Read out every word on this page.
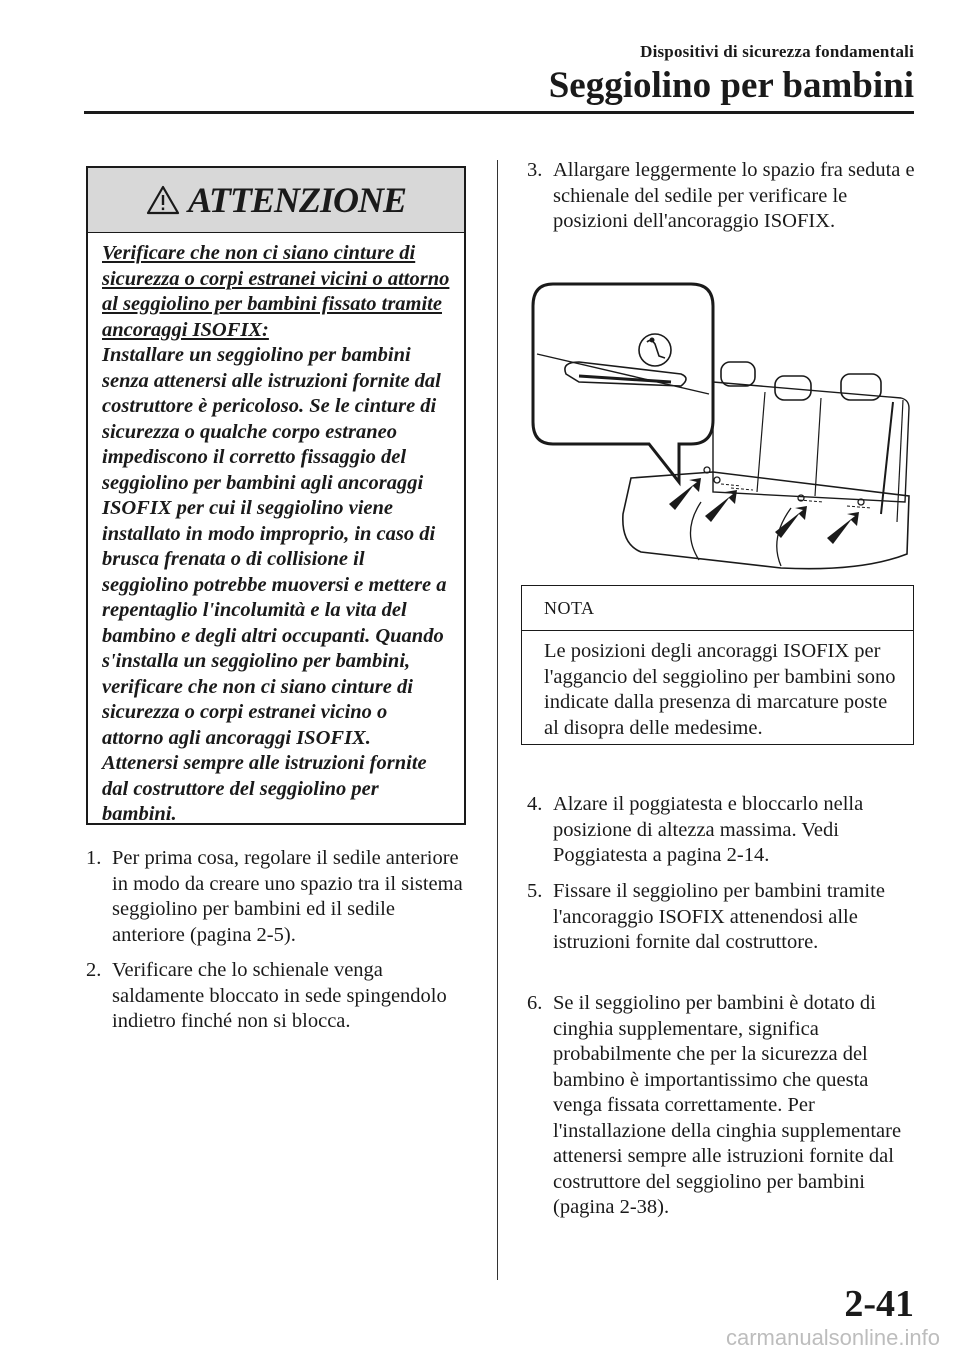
Dispositivi di sicurezza fondamentali
Seggiolino per bambini
ATTENZIONE
Verificare che non ci siano cinture di sicurezza o corpi estranei vicini o attorno al seggiolino per bambini fissato tramite ancoraggi ISOFIX:
Installare un seggiolino per bambini senza attenersi alle istruzioni fornite dal costruttore è pericoloso. Se le cinture di sicurezza o qualche corpo estraneo impediscono il corretto fissaggio del seggiolino per bambini agli ancoraggi ISOFIX per cui il seggiolino viene installato in modo improprio, in caso di brusca frenata o di collisione il seggiolino potrebbe muoversi e mettere a repentaglio l'incolumità e la vita del bambino e degli altri occupanti. Quando s'installa un seggiolino per bambini, verificare che non ci siano cinture di sicurezza o corpi estranei vicino o attorno agli ancoraggi ISOFIX. Attenersi sempre alle istruzioni fornite dal costruttore del seggiolino per bambini.
1. Per prima cosa, regolare il sedile anteriore in modo da creare uno spazio tra il sistema seggiolino per bambini ed il sedile anteriore (pagina 2-5).
2. Verificare che lo schienale venga saldamente bloccato in sede spingendolo indietro finché non si blocca.
3. Allargare leggermente lo spazio fra seduta e schienale del sedile per verificare le posizioni dell'ancoraggio ISOFIX.
NOTA
Le posizioni degli ancoraggi ISOFIX per l'aggancio del seggiolino per bambini sono indicate dalla presenza di marcature poste al disopra delle medesime.
4. Alzare il poggiatesta e bloccarlo nella posizione di altezza massima. Vedi Poggiatesta a pagina 2-14.
5. Fissare il seggiolino per bambini tramite l'ancoraggio ISOFIX attenendosi alle istruzioni fornite dal costruttore.
6. Se il seggiolino per bambini è dotato di cinghia supplementare, significa probabilmente che per la sicurezza del bambino è importantissimo che questa venga fissata correttamente. Per l'installazione della cinghia supplementare attenersi sempre alle istruzioni fornite dal costruttore del seggiolino per bambini (pagina 2-38).
2-41
carmanualsonline.info
